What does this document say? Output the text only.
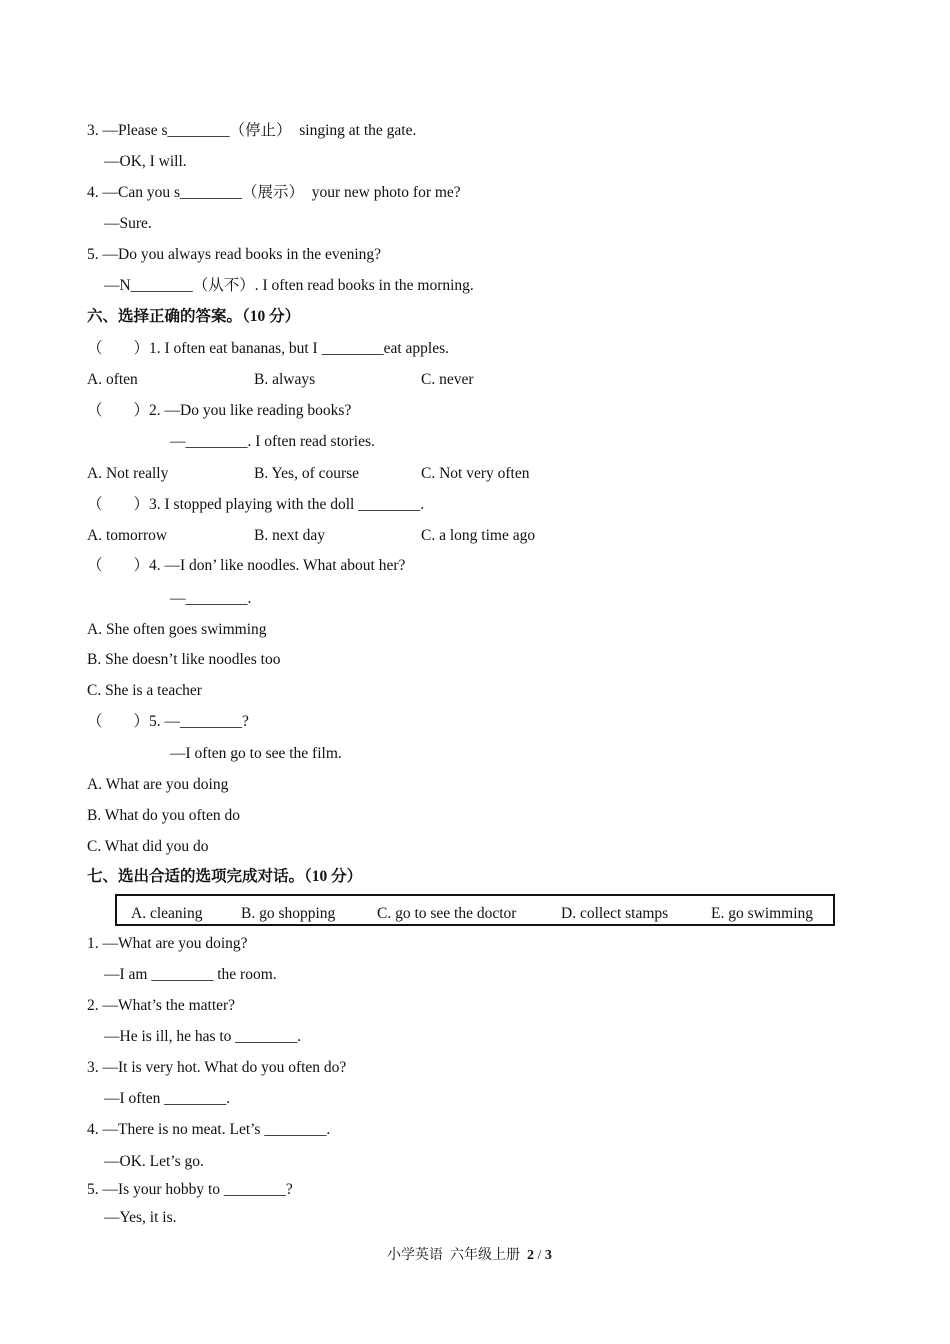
3. —Please s________（停止）  singing at the gate.
—OK, I will.
4. —Can you s________（展示）  your new photo for me?
—Sure.
5. —Do you always read books in the evening?
—N________（从不）. I often read books in the morning.
六、选择正确的答案。（10 分）
（        ）1. I often eat bananas, but I ________eat apples.
A. often	B. always	C. never
（        ）2. —Do you like reading books?
—________. I often read stories.
A. Not really	B. Yes, of course	C. Not very often
（        ）3. I stopped playing with the doll ________.
A. tomorrow	B. next day	C. a long time ago
（        ）4. —I don’ like noodles. What about her?
—________.
A. She often goes swimming
B. She doesn’t like noodles too
C. She is a teacher
（        ）5. —________?
—I often go to see the film.
A. What are you doing
B. What do you often do
C. What did you do
七、选出合适的选项完成对话。（10 分）
A. cleaning B. go shopping	C. go to see the doctor	D. collect stamps	E. go swimming
1. —What are you doing?
—I am ________ the room.
2. —What’s the matter?
—He is ill, he has to ________.
3. —It is very hot. What do you often do?
—I often ________.
4. —There is no meat. Let’s ________.
—OK. Let’s go.
5. —Is your hobby to ________?
—Yes, it is.
小学英语  六年级上册  2 / 3
